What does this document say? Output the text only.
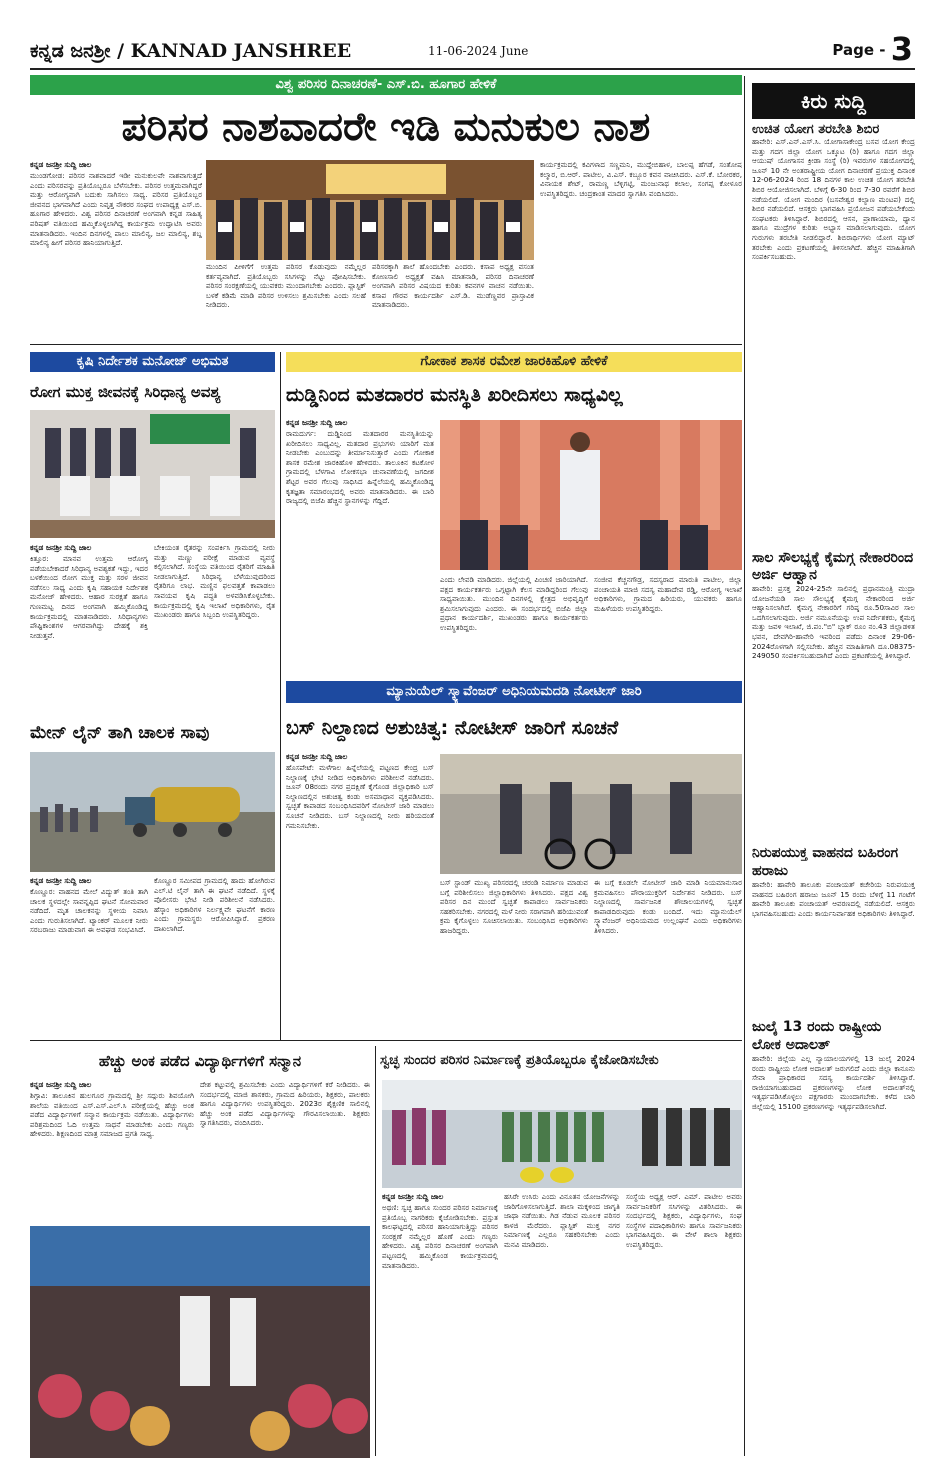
ಕನ್ನಡ ಜನಶ್ರೀ / KANNAD JANSHREE	11-06-2024 June	Page - 3
ವಿಶ್ವ ಪರಿಸರ ದಿನಾಚರಣೆ- ಎಸ್.ಬಿ. ಹೂಗಾರ ಹೇಳಿಕೆ
ಪರಿಸರ ನಾಶವಾದರೇ ಇಡಿ ಮನುಕುಲ ನಾಶ
ಕನ್ನಡ ಜನಶ್ರೀ ಸುದ್ದಿ ಜಾಲ
ಮುಂಡಗೋಡ: ಪರಿಸರ ನಾಶವಾದರೆ ಇಡೀ ಮನುಕುಲವೇ ನಾಶವಾಗುತ್ತದೆ ಎಂದು ಪರಿಸರವನ್ನು ಪ್ರತಿಯೊಬ್ಬರೂ ಬೆಳೆಸಬೇಕು. ಪರಿಸರ ಉತ್ತಮವಾಗಿದ್ದರೆ ಮತ್ತು ಆರೋಗ್ಯವಾಗಿ ಬದುಕು ಸಾಗಿಸಲು ಸಾಧ್ಯ. ಪರಿಸರ ಪ್ರತಿಯೊಬ್ಬರ ಜೀವನದ ಭಾಗವಾಗಿದೆ ಎಂದು ನಿವೃತ್ತ ನೌಕರರ ಸಂಘದ ಉಪಾಧ್ಯಕ್ಷ ಎಸ್.ಬಿ. ಹೂಗಾರ ಹೇಳಿದರು. ವಿಶ್ವ ಪರಿಸರ ದಿನಾಚರಣೆ ಅಂಗವಾಗಿ ಕನ್ನಡ ಸಾಹಿತ್ಯ ಪರಿಷತ್ ವತಿಯಿಂದ ಹಮ್ಮಿಕೊಳ್ಳಲಾಗಿದ್ದ ಕಾರ್ಯಕ್ರಮ ಉದ್ಘಾಟಿಸಿ ಅವರು ಮಾತನಾಡಿದರು. ಇಂದಿನ ದಿನಗಳಲ್ಲಿ ಪಾಲು ಮಾಲಿನ್ಯ, ಜಲ ಮಾಲಿನ್ಯ, ಶಬ್ದ ಮಾಲಿನ್ಯ ಹೀಗೆ ಪರಿಸರ ಹಾನಿಯಾಗುತ್ತಿದೆ.
ಮುಂದಿನ ಪೀಳಿಗೆಗೆ ಉತ್ತಮ ಪರಿಸರ ಕೊಡುವುದು ನಮ್ಮೆಲ್ಲರ ಕರ್ತವ್ಯವಾಗಿದೆ. ಪ್ರತಿಯೊಬ್ಬರು ಸಸಿಗಳನ್ನು ನೆಟ್ಟು ಪೋಷಿಸಬೇಕು. ಪರಿಸರ ಸಂರಕ್ಷಣೆಯಲ್ಲಿ ಯುವಕರು ಮುಂದಾಗಬೇಕು ಎಂದರು. ಪ್ಲಾಸ್ಟಿಕ್ ಬಳಕೆ ಕಡಿಮೆ ಮಾಡಿ ಪರಿಸರ ಉಳಿಸಲು ಶ್ರಮಿಸಬೇಕು ಎಂದು ಸಲಹೆ ನೀಡಿದರು.
ಪರಿಸರಕ್ಕಾಗಿ ಶಾಲೆ ಹೊಂದಬೇಕು ಎಂದರು. ಕಸಾಪ ಅಧ್ಯಕ್ಷ ವಸಂತ ಕೋಣಸಾಲಿ ಅಧ್ಯಕ್ಷತೆ ವಹಿಸಿ ಮಾತನಾಡಿ, ಪರಿಸರ ದಿನಾಚರಣೆ ಅಂಗವಾಗಿ ಪರಿಸರ ವಿಷಯದ ಕುರಿತು ಕವನಗಳ ವಾಚನ ನಡೆಯಿತು. ಕಸಾಪ ಗೌರವ ಕಾರ್ಯದರ್ಶಿ ಎಸ್.ಡಿ. ಮುಡೆಣ್ಣವರ ಪ್ರಾಸ್ತಾವಿಕ ಮಾತನಾಡಿದರು.
ಕಾರ್ಯಕ್ರಮದಲ್ಲಿ ಕವಿಗಳಾದ ಸಣ್ಣಮನಿ, ಮುದ್ದೇಬಿಹಾಳ, ಬಾಲಪ್ಪ ಹೆಗಡೆ, ಸಂತೋಷ ಕಲ್ಮಾರ, ಬಿ.ಆರ್. ಪಾಟೀಲ, ವಿ.ಎಸ್. ಕಬ್ಬೂರ ಕವನ ವಾಚಿಸಿದರು. ಎಸ್.ಕೆ. ಬೋರಕರ, ವಿನಾಯಕ ಶೇಟ್, ರಾಮಣ್ಣ ಬೆಳ್ಳಿಗಟ್ಟಿ, ಮಂಜುನಾಥ ಕಲಾಲ, ಸಂಗಪ್ಪ ಕೋಳೂರ ಉಪಸ್ಥಿತರಿದ್ದರು. ಚಂದ್ರಕಾಂತ ಮಾದರ ಸ್ವಾಗತಿಸಿ ವಂದಿಸಿದರು.
ಕಿರು ಸುದ್ದಿ
ಉಚಿತ ಯೋಗ ತರಬೇತಿ ಶಿಬಿರ
ಹಾವೇರಿ: ಎಸ್.ಎನ್.ಎಸ್.ಸಿ. ಯೋಗಾಸಾಕೇಂದ್ರ ಬಸವ ಯೋಗ ಕೇಂದ್ರ ಮತ್ತು ಗದಗ ಜಿಲ್ಲಾ ಯೋಗ ಒಕ್ಕೂಟ (ರಿ) ಹಾಗೂ ಗದಗ ಜಿಲ್ಲಾ ಆಯುಷ್ ಯೋಗಾಸನ ಕ್ರೀಡಾ ಸಂಸ್ಥೆ (ರಿ) ಇವರುಗಳ ಸಹಯೋಗದಲ್ಲಿ ಜೂನ್ 10 ನೇ ಅಂತರಾಷ್ಟ್ರೀಯ ಯೋಗ ದಿನಾಚರಣೆ ಪ್ರಯುಕ್ತ ದಿನಾಂಕ 12-06-2024 ರಿಂದ 18 ದಿನಗಳ ಕಾಲ ಉಚಿತ ಯೋಗ ತರಬೇತಿ ಶಿಬಿರ ಆಯೋಜಿಸಲಾಗಿದೆ. ಬೆಳಿಗ್ಗೆ 6-30 ರಿಂದ 7-30 ರವರೆಗೆ ಶಿಬಿರ ನಡೆಯಲಿದೆ. ಯೋಗ ಮಂದಿರ (ಬಸವೇಶ್ವರ ಕಲ್ಯಾಣ ಮಂಟಪ) ದಲ್ಲಿ ಶಿಬಿರ ನಡೆಯಲಿದೆ. ಆಸಕ್ತರು ಭಾಗವಹಿಸಿ ಪ್ರಯೋಜನ ಪಡೆಯಬೇಕೆಂದು ಸಂಘಟಕರು ತಿಳಿಸಿದ್ದಾರೆ. ಶಿಬಿರದಲ್ಲಿ ಆಸನ, ಪ್ರಾಣಾಯಾಮ, ಧ್ಯಾನ ಹಾಗೂ ಮುದ್ರೆಗಳ ಕುರಿತು ಅಭ್ಯಾಸ ಮಾಡಿಸಲಾಗುವುದು. ಯೋಗ ಗುರುಗಳು ತರಬೇತಿ ನೀಡಲಿದ್ದಾರೆ. ಶಿಬಿರಾರ್ಥಿಗಳು ಯೋಗ ಮ್ಯಾಟ್ ತರಬೇಕು ಎಂದು ಪ್ರಕಟಣೆಯಲ್ಲಿ ತಿಳಿಸಲಾಗಿದೆ. ಹೆಚ್ಚಿನ ಮಾಹಿತಿಗಾಗಿ ಸಂಪರ್ಕಿಸಬಹುದು.
ಸಾಲ ಸೌಲಭ್ಯಕ್ಕೆ ಕೈಮಗ್ಗ ನೇಕಾರರಿಂದ ಅರ್ಜಿ ಆಹ್ವಾನ
ಹಾವೇರಿ: ಪ್ರಸಕ್ತ 2024-25ನೇ ಸಾಲಿನಲ್ಲಿ ಪ್ರಧಾನಮಂತ್ರಿ ಮುದ್ರಾ ಯೋಜನೆಯಡಿ ಸಾಲ ಸೌಲಭ್ಯಕ್ಕೆ ಕೈಮಗ್ಗ ನೇಕಾರರಿಂದ ಅರ್ಜಿ ಆಹ್ವಾನಿಸಲಾಗಿದೆ. ಕೈಮಗ್ಗ ನೇಕಾರರಿಗೆ ಗರಿಷ್ಠ ರೂ.50ಸಾವಿರ ಸಾಲ ಒದಗಿಸಲಾಗುವುದು. ಅರ್ಜಿ ನಮೂನೆಯನ್ನು ಉಪ ನಿರ್ದೇಶಕರು, ಕೈಮಗ್ಗ ಮತ್ತು ಜವಳಿ ಇಲಾಖೆ, ಜಿ.ಪಂ."ಬಿ" ಬ್ಲಾಕ್ ರೂಂ ನಂ.43 ಜಿಲ್ಲಾಡಳಿತ ಭವನ, ದೇವಗಿರಿ-ಹಾವೇರಿ ಇವರಿಂದ ಪಡೆದು ದಿನಾಂಕ 29-06-2024ರೊಳಗಾಗಿ ಸಲ್ಲಿಸಬೇಕು. ಹೆಚ್ಚಿನ ಮಾಹಿತಿಗಾಗಿ ದೂ.08375-249050 ಸಂಪರ್ಕಿಸಬಹುದಾಗಿದೆ ಎಂದು ಪ್ರಕಟಣೆಯಲ್ಲಿ ತಿಳಿಸಿದ್ದಾರೆ.
ನಿರುಪಯುಕ್ತ ವಾಹನದ ಬಹಿರಂಗ ಹರಾಜು
ಹಾವೇರಿ: ಹಾವೇರಿ ತಾಲೂಕು ಪಂಚಾಯತ್ ಕಚೇರಿಯ ನಿರುಪಯುಕ್ತ ವಾಹನದ ಬಹಿರಂಗ ಹರಾಜು ಜೂನ್ 15 ರಂದು ಬೆಳಿಗ್ಗೆ 11 ಗಂಟೆಗೆ ಹಾವೇರಿ ತಾಲೂಕು ಪಂಚಾಯತ್ ಆವರಣದಲ್ಲಿ ನಡೆಯಲಿದೆ. ಆಸಕ್ತರು ಭಾಗವಹಿಸಬಹುದು ಎಂದು ಕಾರ್ಯನಿರ್ವಾಹಕ ಅಧಿಕಾರಿಗಳು ತಿಳಿಸಿದ್ದಾರೆ.
ಜುಲೈ 13 ರಂದು ರಾಷ್ಟ್ರೀಯ ಲೋಕ ಅದಾಲತ್
ಹಾವೇರಿ: ಜಿಲ್ಲೆಯ ಎಲ್ಲ ನ್ಯಾಯಾಲಯಗಳಲ್ಲಿ 13 ಜುಲೈ 2024 ರಂದು ರಾಷ್ಟ್ರೀಯ ಲೋಕ ಅದಾಲತ್ ಜರುಗಲಿದೆ ಎಂದು ಜಿಲ್ಲಾ ಕಾನೂನು ಸೇವಾ ಪ್ರಾಧಿಕಾರದ ಸದಸ್ಯ ಕಾರ್ಯದರ್ಶಿ ತಿಳಿಸಿದ್ದಾರೆ. ರಾಜಿಯಾಗಬಹುದಾದ ಪ್ರಕರಣಗಳನ್ನು ಲೋಕ ಅದಾಲತ್‌ನಲ್ಲಿ ಇತ್ಯರ್ಥಪಡಿಸಿಕೊಳ್ಳಲು ಪಕ್ಷಗಾರರು ಮುಂದಾಗಬೇಕು. ಕಳೆದ ಬಾರಿ ಜಿಲ್ಲೆಯಲ್ಲಿ 15100 ಪ್ರಕರಣಗಳನ್ನು ಇತ್ಯರ್ಥಪಡಿಸಲಾಗಿದೆ.
ಕೃಷಿ ನಿರ್ದೇಶಕ ಮನೋಜ್ ಅಭಿಮತ
ರೋಗ ಮುಕ್ತ ಜೀವನಕ್ಕೆ ಸಿರಿಧಾನ್ಯ ಅವಶ್ಯ
ಕನ್ನಡ ಜನಶ್ರೀ ಸುದ್ದಿ ಜಾಲ
ಕಿತ್ತೂರ: ಮಾನವ ಉತ್ತಮ ಆರೋಗ್ಯ ಪಡೆಯಬೇಕಾದರೆ ಸಿರಿಧಾನ್ಯ ಅವಶ್ಯಕತೆ ಇದ್ದು, ಇದರ ಬಳಕೆಯಿಂದ ರೋಗ ಮುಕ್ತ ಮತ್ತು ಸರಳ ಜೀವನ ನಡೆಸಲು ಸಾಧ್ಯ ಎಂದು ಕೃಷಿ ಸಹಾಯಕ ನಿರ್ದೇಶಕ ಮನೋಜ್ ಹೇಳಿದರು. ಆಹಾರ ಸುರಕ್ಷತೆ ಹಾಗೂ ಗುಣಮಟ್ಟ ದಿನದ ಅಂಗವಾಗಿ ಹಮ್ಮಿಕೊಂಡಿದ್ದ ಕಾರ್ಯಕ್ರಮದಲ್ಲಿ ಮಾತನಾಡಿದರು. ಸಿರಿಧಾನ್ಯಗಳು ಪೌಷ್ಟಿಕಾಂಶಗಳ ಆಗರವಾಗಿದ್ದು ದೇಹಕ್ಕೆ ಶಕ್ತಿ ನೀಡುತ್ತವೆ.
ಬೇಕಿಯಂತ ರೈತರನ್ನು ಸಂಪರ್ಕಿಸಿ ಗ್ರಾಮದಲ್ಲಿ ನೀರು ಮತ್ತು ಮಣ್ಣು ಪರೀಕ್ಷೆ ಮಾಡುವ ವ್ಯವಸ್ಥೆ ಕಲ್ಪಿಸಲಾಗಿದೆ. ಸಂಸ್ಥೆಯ ವತಿಯಿಂದ ರೈತರಿಗೆ ಮಾಹಿತಿ ನೀಡಲಾಗುತ್ತಿದೆ. ಸಿರಿಧಾನ್ಯ ಬೆಳೆಯುವುದರಿಂದ ರೈತರಿಗೂ ಲಾಭ. ಮಣ್ಣಿನ ಫಲವತ್ತತೆ ಕಾಪಾಡಲು ಸಾವಯವ ಕೃಷಿ ಪದ್ಧತಿ ಅಳವಡಿಸಿಕೊಳ್ಳಬೇಕು. ಕಾರ್ಯಕ್ರಮದಲ್ಲಿ ಕೃಷಿ ಇಲಾಖೆ ಅಧಿಕಾರಿಗಳು, ರೈತ ಮುಖಂಡರು ಹಾಗೂ ಸಿಬ್ಬಂದಿ ಉಪಸ್ಥಿತರಿದ್ದರು.
ಮೇನ್ ಲೈನ್ ತಾಗಿ ಚಾಲಕ ಸಾವು
ಕನ್ನಡ ಜನಶ್ರೀ ಸುದ್ದಿ ಜಾಲ
ಕೊಣ್ಣೂರ: ವಾಹನದ ಮೇಲೆ ವಿದ್ಯುತ್ ತಂತಿ ತಾಗಿ ಚಾಲಕ ಸ್ಥಳದಲ್ಲೇ ಸಾವನ್ನಪ್ಪಿದ ಘಟನೆ ಸೋಮವಾರ ನಡೆದಿದೆ. ಮೃತ ಚಾಲಕನನ್ನು ಸ್ಥಳೀಯ ನಿವಾಸಿ ಎಂದು ಗುರುತಿಸಲಾಗಿದೆ. ಟ್ಯಾಂಕರ್ ಮೂಲಕ ನೀರು ಸರಬರಾಜು ಮಾಡುವಾಗ ಈ ಅವಘಡ ಸಂಭವಿಸಿದೆ.
ಕೊಣ್ಣೂರ ಸಮೀಪದ ಗ್ರಾಮದಲ್ಲಿ ಹಾದು ಹೋಗಿರುವ ಎಲ್.ಟಿ ಲೈನ್ ತಾಗಿ ಈ ಘಟನೆ ನಡೆದಿದೆ. ಸ್ಥಳಕ್ಕೆ ಪೊಲೀಸರು ಭೇಟಿ ನೀಡಿ ಪರಿಶೀಲನೆ ನಡೆಸಿದರು. ಹೆಸ್ಕಾಂ ಅಧಿಕಾರಿಗಳ ನಿರ್ಲಕ್ಷ್ಯವೇ ಘಟನೆಗೆ ಕಾರಣ ಎಂದು ಗ್ರಾಮಸ್ಥರು ಆರೋಪಿಸಿದ್ದಾರೆ. ಪ್ರಕರಣ ದಾಖಲಾಗಿದೆ.
ಗೋಕಾಕ ಶಾಸಕ ರಮೇಶ ಜಾರಕಿಹೊಳಿ ಹೇಳಿಕೆ
ದುಡ್ಡಿನಿಂದ ಮತದಾರರ ಮನಸ್ಥಿತಿ ಖರೀದಿಸಲು ಸಾಧ್ಯವಿಲ್ಲ
ಕನ್ನಡ ಜನಶ್ರೀ ಸುದ್ದಿ ಜಾಲ
ರಾಮದುರ್ಗ: ದುಡ್ಡಿನಿಂದ ಮತದಾರರ ಮನಸ್ಥಿತಿಯನ್ನು ಖರೀದಿಸಲು ಸಾಧ್ಯವಿಲ್ಲ. ಮತದಾರ ಪ್ರಭುಗಳು ಯಾರಿಗೆ ಮತ ನೀಡಬೇಕು ಎಂಬುದನ್ನು ತೀರ್ಮಾನಿಸುತ್ತಾರೆ ಎಂದು ಗೋಕಾಕ ಶಾಸಕ ರಮೇಶ ಜಾರಕಿಹೊಳಿ ಹೇಳಿದರು. ತಾಲೂಕಿನ ಕಟಕೋಳ ಗ್ರಾಮದಲ್ಲಿ ಬೆಳಗಾವಿ ಲೋಕಸಭಾ ಚುನಾವಣೆಯಲ್ಲಿ ಜಗದೀಶ ಶೆಟ್ಟರ ಅವರ ಗೆಲುವು ಸಾಧಿಸಿದ ಹಿನ್ನೆಲೆಯಲ್ಲಿ ಹಮ್ಮಿಕೊಂಡಿದ್ದ ಕೃತಜ್ಞತಾ ಸಮಾರಂಭದಲ್ಲಿ ಅವರು ಮಾತನಾಡಿದರು. ಈ ಬಾರಿ ರಾಜ್ಯದಲ್ಲಿ ಬಿಜೆಪಿ ಹೆಚ್ಚಿನ ಸ್ಥಾನಗಳನ್ನು ಗೆದ್ದಿದೆ.
ಎಂದು ಲೇವಡಿ ಮಾಡಿದರು. ಜಿಲ್ಲೆಯಲ್ಲಿ ಪಿಂಚಣಿ ಜಾರಿಯಾಗಿದೆ. ಪಕ್ಷದ ಕಾರ್ಯಕರ್ತರು ಒಗ್ಗಟ್ಟಾಗಿ ಕೆಲಸ ಮಾಡಿದ್ದರಿಂದ ಗೆಲುವು ಸಾಧ್ಯವಾಯಿತು. ಮುಂದಿನ ದಿನಗಳಲ್ಲಿ ಕ್ಷೇತ್ರದ ಅಭಿವೃದ್ಧಿಗೆ ಶ್ರಮಿಸಲಾಗುವುದು ಎಂದರು. ಈ ಸಂದರ್ಭದಲ್ಲಿ ಬಿಜೆಪಿ ಜಿಲ್ಲಾ ಪ್ರಧಾನ ಕಾರ್ಯದರ್ಶಿ, ಮುಖಂಡರು ಹಾಗೂ ಕಾರ್ಯಕರ್ತರು ಉಪಸ್ಥಿತರಿದ್ದರು.
ಸಂಜೀವ ಕೆಚ್ಚನಗೌಡ್ರ, ಸದಸ್ಯರಾದ ಮಾರುತಿ ಪಾಟೀಲ, ಜಿಲ್ಲಾ ಪಂಚಾಯತಿ ಮಾಜಿ ಸದಸ್ಯ ಮಹಾದೇವ ರಡ್ಡಿ, ಆರೋಗ್ಯ ಇಲಾಖೆ ಅಧಿಕಾರಿಗಳು, ಗ್ರಾಮದ ಹಿರಿಯರು, ಯುವಕರು ಹಾಗೂ ಮಹಿಳೆಯರು ಉಪಸ್ಥಿತರಿದ್ದರು.
ಮ್ಯಾನುಯೆಲ್ ಸ್ಕ್ಯಾವೆಂಜರ್ ಅಧಿನಿಯಮದಡಿ ನೋಟೀಸ್ ಜಾರಿ
ಬಸ್ ನಿಲ್ದಾಣದ ಅಶುಚಿತ್ವ: ನೋಟೀಸ್ ಜಾರಿಗೆ ಸೂಚನೆ
ಕನ್ನಡ ಜನಶ್ರೀ ಸುದ್ದಿ ಜಾಲ
ಹೊಸಪೇಟೆ: ಮಳೆಗಾಲ ಹಿನ್ನೆಲೆಯಲ್ಲಿ ಪಟ್ಟಣದ ಕೇಂದ್ರ ಬಸ್ ನಿಲ್ದಾಣಕ್ಕೆ ಭೇಟಿ ನೀಡಿದ ಅಧಿಕಾರಿಗಳು ಪರಿಶೀಲನೆ ನಡೆಸಿದರು. ಜೂನ್ 08ರಂದು ನಗರ ಪ್ರದಕ್ಷಿಣೆ ಕೈಗೊಂಡ ಜಿಲ್ಲಾಧಿಕಾರಿ ಬಸ್ ನಿಲ್ದಾಣದಲ್ಲಿನ ಅಶುಚಿತ್ವ ಕಂಡು ಅಸಮಾಧಾನ ವ್ಯಕ್ತಪಡಿಸಿದರು. ಸ್ವಚ್ಛತೆ ಕಾಪಾಡದ ಸಂಬಂಧಿಸಿದವರಿಗೆ ನೋಟೀಸ್ ಜಾರಿ ಮಾಡಲು ಸೂಚನೆ ನೀಡಿದರು. ಬಸ್ ನಿಲ್ದಾಣದಲ್ಲಿ ನೀರು ಹರಿಯದಂತೆ ಗಮನಿಸಬೇಕು.
ಬಸ್ ಸ್ಟಾಂಡ್ ಮುಖ್ಯ ಪರಿಸರದಲ್ಲಿ ಚರಂಡಿ ನಿರ್ಮಾಣ ಮಾಡುವ ಬಗ್ಗೆ ಪರಿಶೀಲಿಸಲು ಜಿಲ್ಲಾಧಿಕಾರಿಗಳು ತಿಳಿಸಿದರು. ಪಕ್ಷದ ವಿಶ್ವ ಪರಿಸರ ದಿನ ಮುಂದೆ ಸ್ವಚ್ಛತೆ ಕಾಪಾಡಲು ಸಾರ್ವಜನಿಕರು ಸಹಕರಿಸಬೇಕು. ನಗರದಲ್ಲಿ ಮಳೆ ನೀರು ಸರಾಗವಾಗಿ ಹರಿಯುವಂತೆ ಕ್ರಮ ಕೈಗೊಳ್ಳಲು ಸೂಚಿಸಲಾಯಿತು. ಸಂಬಂಧಿಸಿದ ಅಧಿಕಾರಿಗಳು ಹಾಜರಿದ್ದರು.
ಈ ಬಗ್ಗೆ ಕೂಡಲೇ ನೋಟೀಸ್ ಜಾರಿ ಮಾಡಿ ನಿಯಮಾನುಸಾರ ಕ್ರಮವಹಿಸಲು ಪೌರಾಯುಕ್ತರಿಗೆ ನಿರ್ದೇಶನ ನೀಡಿದರು. ಬಸ್ ನಿಲ್ದಾಣದಲ್ಲಿ ಸಾರ್ವಜನಿಕ ಶೌಚಾಲಯಗಳಲ್ಲಿ ಸ್ವಚ್ಛತೆ ಕಾಪಾಡದಿರುವುದು ಕಂಡು ಬಂದಿದೆ. ಇದು ಮ್ಯಾನುಯೆಲ್ ಸ್ಕ್ಯಾವೆಂಜರ್ ಅಧಿನಿಯಮದ ಉಲ್ಲಂಘನೆ ಎಂದು ಅಧಿಕಾರಿಗಳು ತಿಳಿಸಿದರು.
ಹೆಚ್ಚು ಅಂಕ ಪಡೆದ ವಿದ್ಯಾರ್ಥಿಗಳಿಗೆ ಸನ್ಮಾನ
ಕನ್ನಡ ಜನಶ್ರೀ ಸುದ್ದಿ ಜಾಲ
ಶಿಗ್ಗಾವಿ: ತಾಲೂಕಿನ ಹುಲಗೂರ ಗ್ರಾಮದಲ್ಲಿ ಶ್ರೀ ಸದ್ಗುರು ಶಿವಯೋಗಿ ಶಾಲೆಯ ವತಿಯಿಂದ ಎಸ್.ಎಸ್.ಎಲ್.ಸಿ ಪರೀಕ್ಷೆಯಲ್ಲಿ ಹೆಚ್ಚು ಅಂಕ ಪಡೆದ ವಿದ್ಯಾರ್ಥಿಗಳಿಗೆ ಸನ್ಮಾನ ಕಾರ್ಯಕ್ರಮ ನಡೆಯಿತು. ವಿದ್ಯಾರ್ಥಿಗಳು ಪರಿಶ್ರಮದಿಂದ ಓದಿ ಉತ್ತಮ ಸಾಧನೆ ಮಾಡಬೇಕು ಎಂದು ಗಣ್ಯರು ಹೇಳಿದರು. ಶಿಕ್ಷಣದಿಂದ ಮಾತ್ರ ಸಮಾಜದ ಪ್ರಗತಿ ಸಾಧ್ಯ.
ದೇಶ ಕಟ್ಟುವಲ್ಲಿ ಶ್ರಮಿಸಬೇಕು ಎಂದು ವಿದ್ಯಾರ್ಥಿಗಳಿಗೆ ಕರೆ ನೀಡಿದರು. ಈ ಸಂದರ್ಭದಲ್ಲಿ ಮಾಜಿ ಶಾಸಕರು, ಗ್ರಾಮದ ಹಿರಿಯರು, ಶಿಕ್ಷಕರು, ಪಾಲಕರು ಹಾಗೂ ವಿದ್ಯಾರ್ಥಿಗಳು ಉಪಸ್ಥಿತರಿದ್ದರು. 2023ರ ಶೈಕ್ಷಣಿಕ ಸಾಲಿನಲ್ಲಿ ಹೆಚ್ಚು ಅಂಕ ಪಡೆದ ವಿದ್ಯಾರ್ಥಿಗಳನ್ನು ಗೌರವಿಸಲಾಯಿತು. ಶಿಕ್ಷಕರು ಸ್ವಾಗತಿಸಿದರು, ವಂದಿಸಿದರು.
ಸ್ವಚ್ಛ ಸುಂದರ ಪರಿಸರ ನಿರ್ಮಾಣಕ್ಕೆ ಪ್ರತಿಯೊಬ್ಬರೂ ಕೈಜೋಡಿಸಬೇಕು
ಕನ್ನಡ ಜನಶ್ರೀ ಸುದ್ದಿ ಜಾಲ
ಅಥಣಿ: ಸ್ವಚ್ಛ ಹಾಗೂ ಸುಂದರ ಪರಿಸರ ನಿರ್ಮಾಣಕ್ಕೆ ಪ್ರತಿಯೊಬ್ಬ ನಾಗರಿಕರು ಕೈಜೋಡಿಸಬೇಕು. ಪ್ರಸ್ತುತ ಕಾಲಘಟ್ಟದಲ್ಲಿ ಪರಿಸರ ಹಾನಿಯಾಗುತ್ತಿದ್ದು ಪರಿಸರ ಸಂರಕ್ಷಣೆ ನಮ್ಮೆಲ್ಲರ ಹೊಣೆ ಎಂದು ಗಣ್ಯರು ಹೇಳಿದರು. ವಿಶ್ವ ಪರಿಸರ ದಿನಾಚರಣೆ ಅಂಗವಾಗಿ ಪಟ್ಟಣದಲ್ಲಿ ಹಮ್ಮಿಕೊಂಡ ಕಾರ್ಯಕ್ರಮದಲ್ಲಿ ಮಾತನಾಡಿದರು.
ಹಸಿರೇ ಉಸಿರು ಎಂದು ವಿನೂತನ ಯೋಜನೆಗಳನ್ನು ಜಾರಿಗೊಳಿಸಲಾಗುತ್ತಿದೆ. ಶಾಲಾ ಮಕ್ಕಳಿಂದ ಜಾಗೃತಿ ಜಾಥಾ ನಡೆಯಿತು. ಗಿಡ ನೆಡುವ ಮೂಲಕ ಪರಿಸರ ಕಾಳಜಿ ಮೆರೆದರು. ಪ್ಲಾಸ್ಟಿಕ್ ಮುಕ್ತ ನಗರ ನಿರ್ಮಾಣಕ್ಕೆ ಎಲ್ಲರೂ ಸಹಕರಿಸಬೇಕು ಎಂದು ಮನವಿ ಮಾಡಿದರು.
ಸಂಸ್ಥೆಯ ಅಧ್ಯಕ್ಷ ಆರ್. ಎಮ್. ಪಾಟೀಲ ಅವರು ಸಾರ್ವಜನಿಕರಿಗೆ ಸಸಿಗಳನ್ನು ವಿತರಿಸಿದರು. ಈ ಸಂದರ್ಭದಲ್ಲಿ ಶಿಕ್ಷಕರು, ವಿದ್ಯಾರ್ಥಿಗಳು, ಸಂಘ ಸಂಸ್ಥೆಗಳ ಪದಾಧಿಕಾರಿಗಳು ಹಾಗೂ ಸಾರ್ವಜನಿಕರು ಭಾಗವಹಿಸಿದ್ದರು. ಈ ವೇಳೆ ಶಾಲಾ ಶಿಕ್ಷಕರು ಉಪಸ್ಥಿತರಿದ್ದರು.
